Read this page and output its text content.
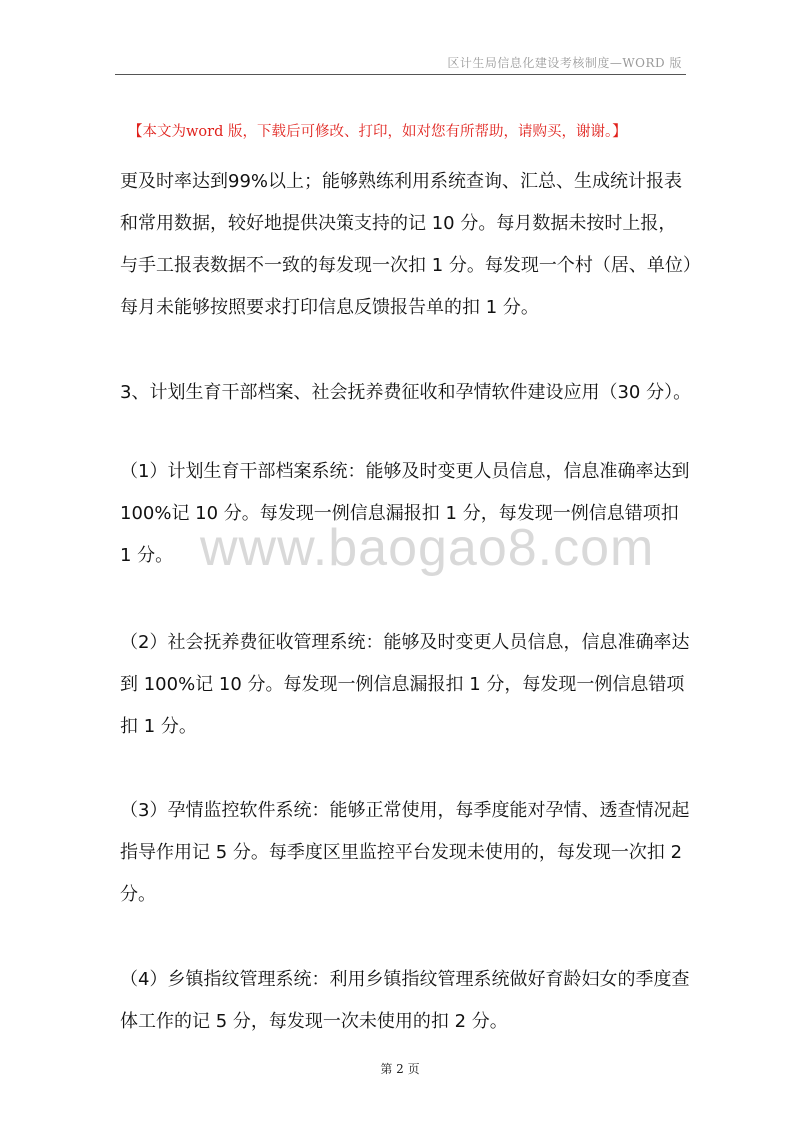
区计生局信息化建设考核制度—WORD 版
【本文为word 版，下载后可修改、打印，如对您有所帮助，请购买，谢谢。】
更及时率达到99%以上；能够熟练利用系统查询、汇总、生成统计报表和常用数据，较好地提供决策支持的记 10 分。每月数据未按时上报，与手工报表数据不一致的每发现一次扣 1 分。每发现一个村（居、单位）每月未能够按照要求打印信息反馈报告单的扣 1 分。
3、计划生育干部档案、社会抚养费征收和孕情软件建设应用（30 分）。
（1）计划生育干部档案系统：能够及时变更人员信息，信息准确率达到 100%记 10 分。每发现一例信息漏报扣 1 分，每发现一例信息错项扣 1 分。
（2）社会抚养费征收管理系统：能够及时变更人员信息，信息准确率达到 100%记 10 分。每发现一例信息漏报扣 1 分，每发现一例信息错项扣 1 分。
（3）孕情监控软件系统：能够正常使用，每季度能对孕情、透查情况起指导作用记 5 分。每季度区里监控平台发现未使用的，每发现一次扣 2 分。
（4）乡镇指纹管理系统：利用乡镇指纹管理系统做好育龄妇女的季度查体工作的记 5 分，每发现一次未使用的扣 2 分。
www.baogao8.com
第 2 页
